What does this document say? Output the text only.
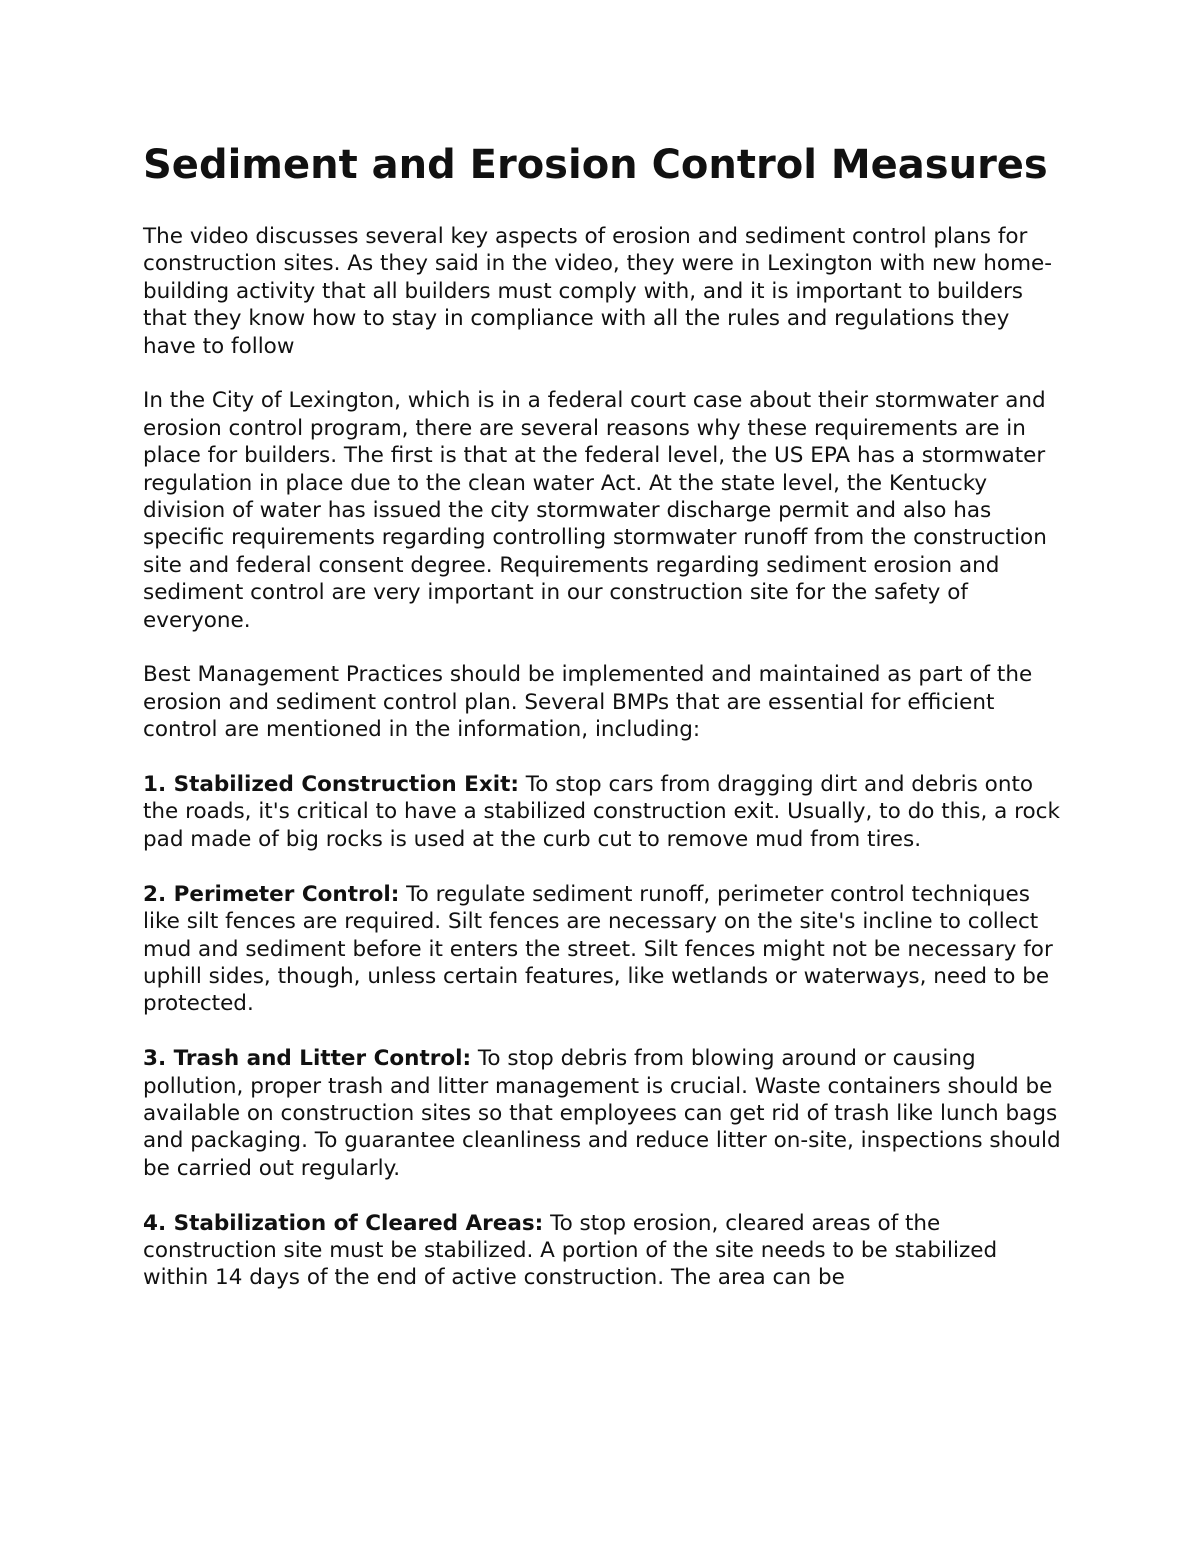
Sediment and Erosion Control Measures

The video discusses several key aspects of erosion and sediment control plans for construction sites. As they said in the video, they were in Lexington with new home-building activity that all builders must comply with, and it is important to builders that they know how to stay in compliance with all the rules and regulations they have to follow

In the City of Lexington, which is in a federal court case about their stormwater and erosion control program, there are several reasons why these requirements are in place for builders. The first is that at the federal level, the US EPA has a stormwater regulation in place due to the clean water Act. At the state level, the Kentucky division of water has issued the city stormwater discharge permit and also has specific requirements regarding controlling stormwater runoff from the construction site and federal consent degree. Requirements regarding sediment erosion and sediment control are very important in our construction site for the safety of everyone.

Best Management Practices should be implemented and maintained as part of the erosion and sediment control plan. Several BMPs that are essential for efficient control are mentioned in the information, including:

1. Stabilized Construction Exit: To stop cars from dragging dirt and debris onto the roads, it's critical to have a stabilized construction exit. Usually, to do this, a rock pad made of big rocks is used at the curb cut to remove mud from tires.

2. Perimeter Control: To regulate sediment runoff, perimeter control techniques like silt fences are required. Silt fences are necessary on the site's incline to collect mud and sediment before it enters the street. Silt fences might not be necessary for uphill sides, though, unless certain features, like wetlands or waterways, need to be protected.

3. Trash and Litter Control: To stop debris from blowing around or causing pollution, proper trash and litter management is crucial. Waste containers should be available on construction sites so that employees can get rid of trash like lunch bags and packaging. To guarantee cleanliness and reduce litter on-site, inspections should be carried out regularly.

4. Stabilization of Cleared Areas: To stop erosion, cleared areas of the construction site must be stabilized. A portion of the site needs to be stabilized within 14 days of the end of active construction. The area can be
